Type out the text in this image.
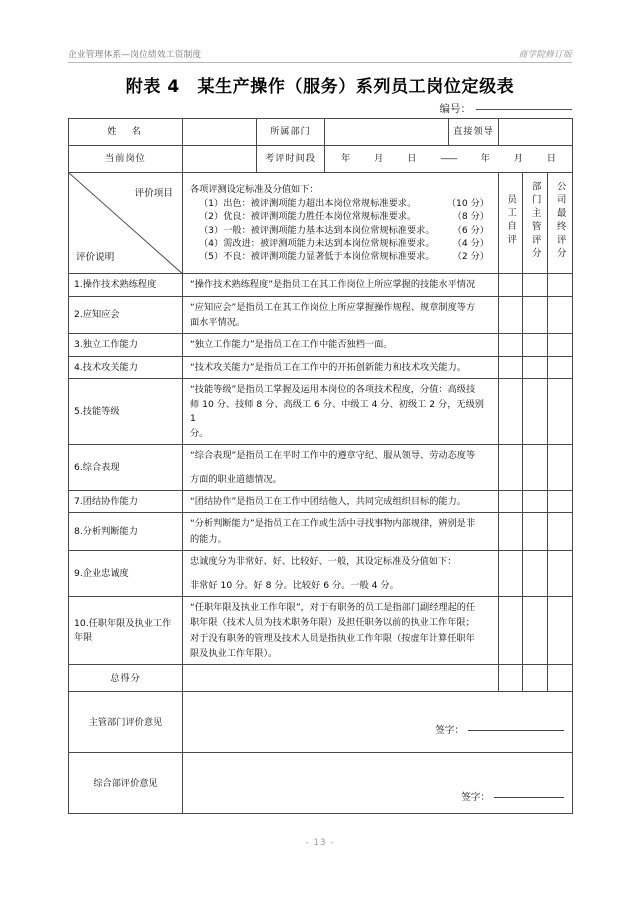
企业管理体系—岗位绩效工资制度	商学院修订版
附表 4　某生产操作（服务）系列员工岗位定级表
编号：
姓　名		所属部门		直接领导			
当前岗位		考评时间段	年	月	日	——	年	月	日

评价项目
评价说明

各项评测设定标准及分值如下：

（1）出色：被评测项能力超出本岗位常规标准要求。	（10 分）
（2）优良：被评测项能力胜任本岗位常规标准要求。	（8 分）
（3）一般：被评测项能力基本达到本岗位常规标准要求。 （6 分）
（4）需改进：被评测项能力未达到本岗位常规标准要求。 （4 分）
（5）不良：被评测项能力显著低于本岗位常规标准要求。 （2 分）
	员工自评	部门主管评分	公司最终评分
1.操作技术熟练程度	“操作技术熟练程度”是指员工在其工作岗位上所应掌握的技能水平情况						

2.应知应会	“应知应会”是指员工在其工作岗位上所应掌握操作规程、规章制度等方

面水平情况。						

3.独立工作能力	“独立工作能力”是指员工在工作中能否独档一面。						

4.技术攻关能力	“技术攻关能力”是指员工在工作中的开拓创新能力和技术攻关能力。						

5.技能等级	“技能等级”是指员工掌握及运用本岗位的各项技术程度，分值：高级技

师 10 分、技师 8 分、高级工 6 分、中级工 4 分、初级工 2 分，无级别 1

分。						

6.综合表现	“综合表现”是指员工在平时工作中的遵章守纪、服从领导、劳动态度等

方面的职业道德情况。						

7.团结协作能力	“团结协作”是指员工在工作中团结他人，共同完成组织目标的能力。						

8.分析判断能力	“分析判断能力”是指员工在工作或生活中寻找事物内部规律，辨别是非

的能力。						

9.企业忠诚度	忠诚度分为非常好、好、比较好、一般，其设定标准及分值如下：

非常好 10 分。好 8 分。比较好 6 分。一般 4 分。						

10.任职年限及执业工作年限	“任职年限及执业工作年限”，对于有职务的员工是指部门副经理起的任

职年限（技术人员为技术职务年限）及担任职务以前的执业工作年限；

对于没有职务的管理及技术人员是指执业工作年限（按虚年计算任职年

限及执业工作年限）。						

总得分							
主管部门评价意见	签字：						

综合部评价意见	签字：						
- 13 -
